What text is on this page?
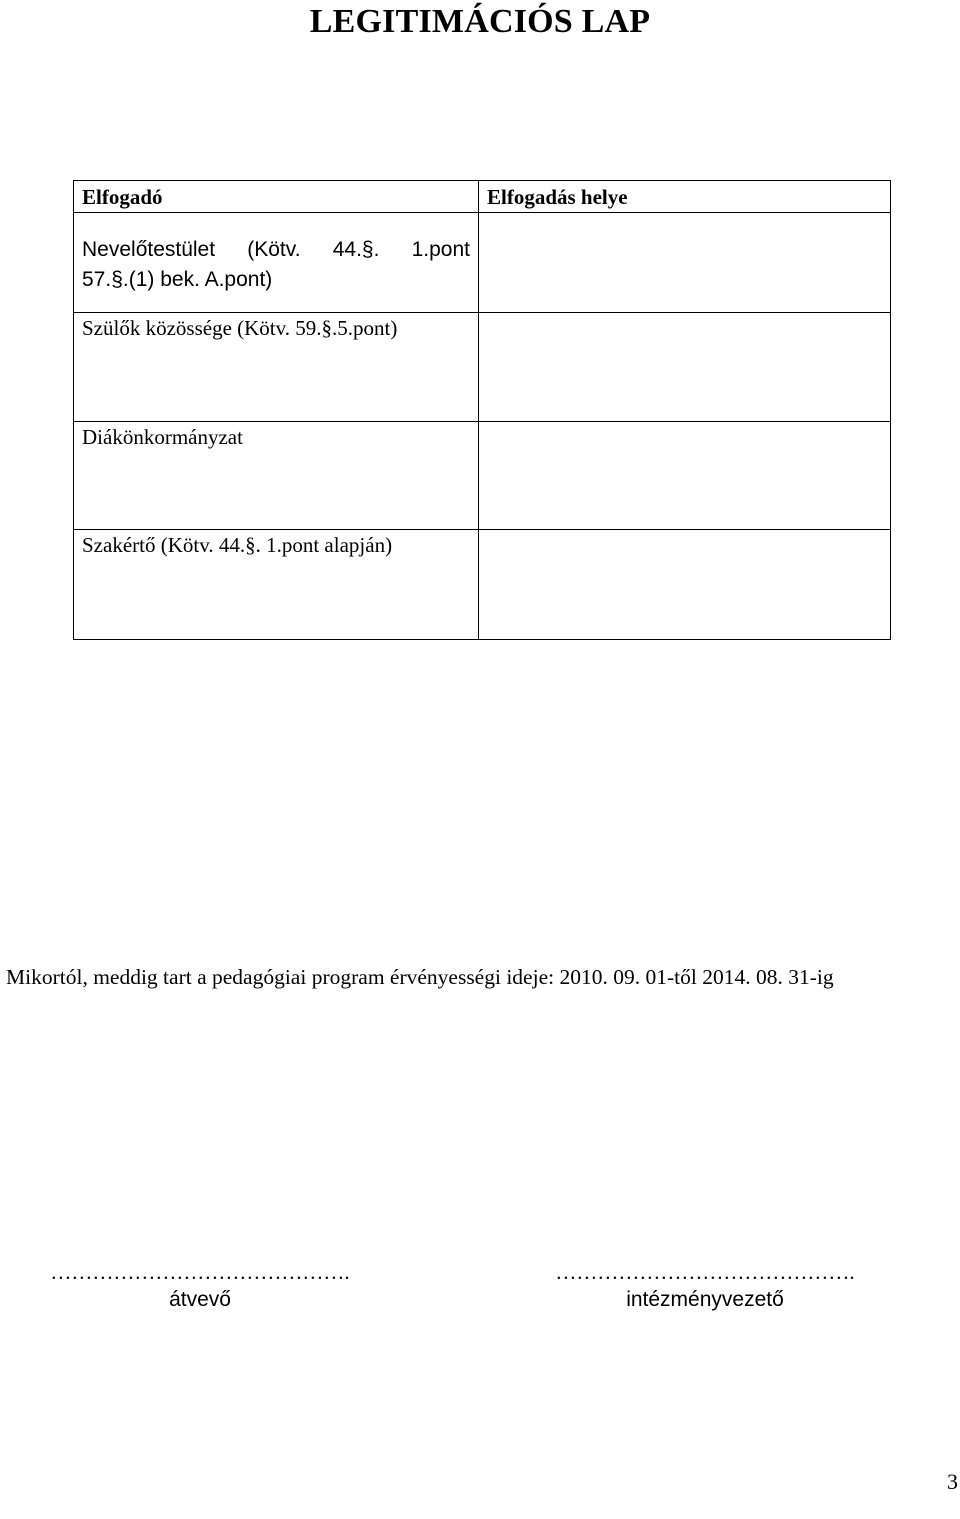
LEGITIMÁCIÓS LAP
Elfogadó	Elfogadás helye

Nevelőtestület (Kötv. 44.§. 1.pont
57.§.(1) bek. A.pont)	
Szülők közössége (Kötv. 59.§.5.pont)	
Diákönkormányzat	
Szakértő (Kötv. 44.§. 1.pont alapján)	
Mikortól, meddig tart a pedagógiai program érvényességi ideje: 2010. 09. 01-től 2014. 08. 31-ig
…………………………………….
átvevő
…………………………………….
intézményvezető
3
